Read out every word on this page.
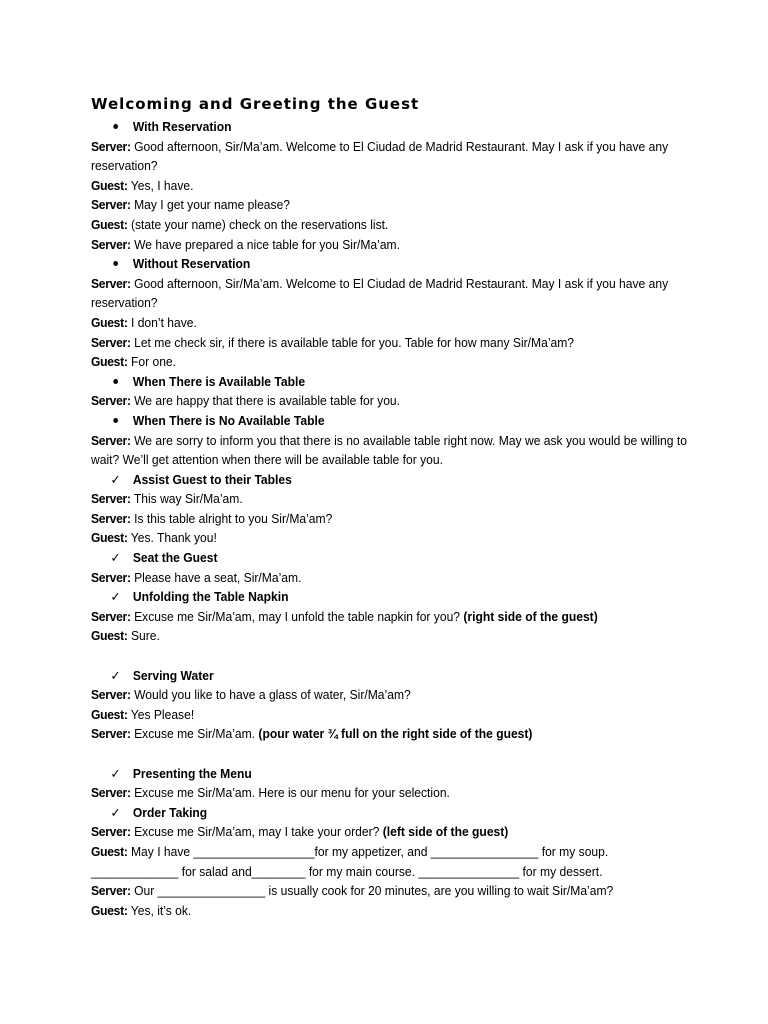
Welcoming and Greeting the Guest
With Reservation
Server: Good afternoon, Sir/Ma’am. Welcome to El Ciudad de Madrid Restaurant. May I ask if you have any reservation?
Guest: Yes, I have.
Server: May I get your name please?
Guest: (state your name) check on the reservations list.
Server: We have prepared a nice table for you Sir/Ma’am.
Without Reservation
Server: Good afternoon, Sir/Ma’am. Welcome to El Ciudad de Madrid Restaurant. May I ask if you have any reservation?
Guest: I don’t have.
Server: Let me check sir, if there is available table for you. Table for how many Sir/Ma’am?
Guest: For one.
When There is Available Table
Server: We are happy that there is available table for you.
When There is No Available Table
Server: We are sorry to inform you that there is no available table right now. May we ask you would be willing to wait? We’ll get attention when there will be available table for you.
✓ Assist Guest to their Tables
Server: This way Sir/Ma’am.
Server: Is this table alright to you Sir/Ma’am?
Guest: Yes. Thank you!
✓ Seat the Guest
Server: Please have a seat, Sir/Ma’am.
✓ Unfolding the Table Napkin
Server: Excuse me Sir/Ma’am, may I unfold the table napkin for you? (right side of the guest)
Guest: Sure.
✓ Serving Water
Server: Would you like to have a glass of water, Sir/Ma’am?
Guest: Yes Please!
Server: Excuse me Sir/Ma’am. (pour water ¾ full on the right side of the guest)
✓ Presenting the Menu
Server: Excuse me Sir/Ma’am. Here is our menu for your selection.
✓ Order Taking
Server: Excuse me Sir/Ma’am, may I take your order? (left side of the guest)
Guest: May I have __________________for my appetizer, and ________________ for my soup. _____________ for salad and________ for my main course. _______________ for my dessert.
Server: Our ________________ is usually cook for 20 minutes, are you willing to wait Sir/Ma’am?
Guest: Yes, it’s ok.
